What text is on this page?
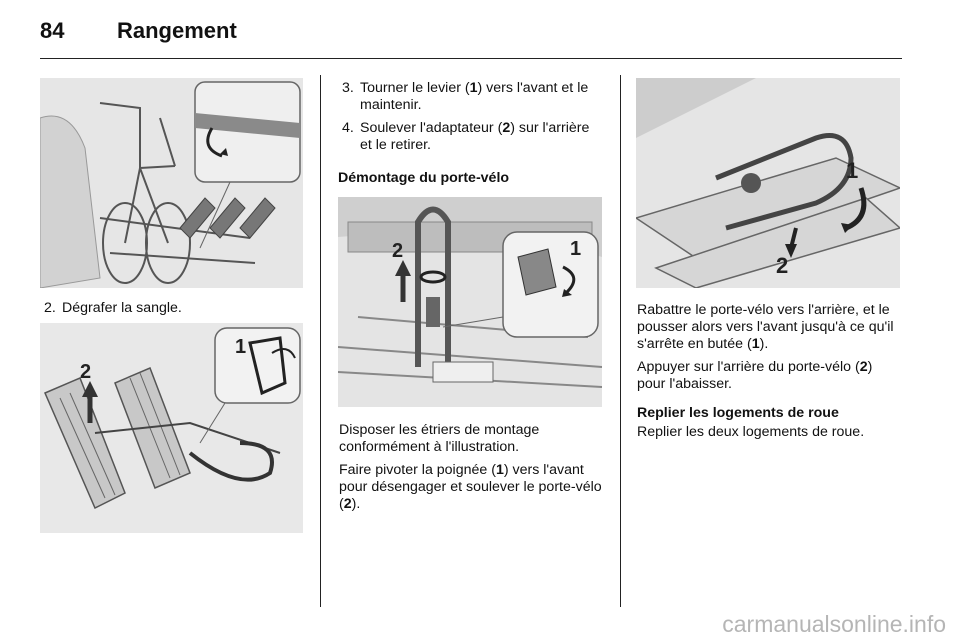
84 Rangement
2. Dégrafer la sangle.
2
1
3. Tourner le levier (1) vers l'avant et le maintenir.
4. Soulever l'adaptateur (2) sur l'arrière et le retirer.
Démontage du porte-vélo
2	1

Disposer les étriers de montage conformément à l'illustration.

Faire pivoter la poignée (1) vers l'avant pour désengager et soulever le porte-vélo (2).

1
2

Rabattre le porte-vélo vers l'arrière, et le pousser alors vers l'avant jusqu'à ce qu'il s'arrête en butée (1).

Appuyer sur l'arrière du porte-vélo (2) pour l'abaisser.

Replier les logements de roue

Replier les deux logements de roue.

carmanualsonline.info
